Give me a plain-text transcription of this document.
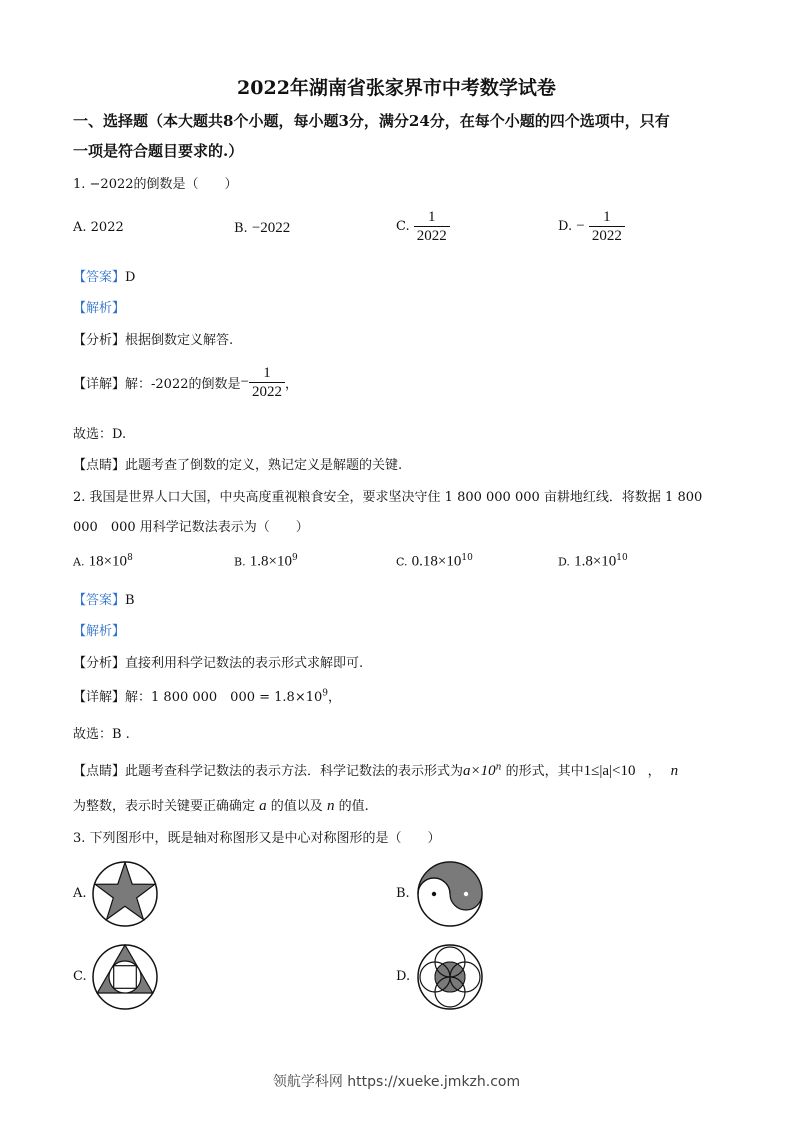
2022年湖南省张家界市中考数学试卷
一、选择题（本大题共8个小题，每小题3分，满分24分，在每个小题的四个选项中，只有
一项是符合题目要求的.）
1. −2022的倒数是（　　）
A. 2022	B. −2022	C. $\frac{1}{2022}$	D. − $\frac{1}{2022}$
【答案】D
【解析】
【分析】根据倒数定义解答.
【详解】解：-2022的倒数是− $\frac{1}{2022}$ ，
故选：D.
【点睛】此题考查了倒数的定义，熟记定义是解题的关键.
2. 我国是世界人口大国，中央高度重视粮食安全，要求坚决守住 1 800 000 000 亩耕地红线．将数据 1 800
000　000 用科学记数法表示为（　　）
A. $18\times 10^8$	B. $1.8\times 10^9$	C. $0.18\times 10^{10}$	D. $1.8\times 10^{10}$
【答案】B
【解析】
【分析】直接利用科学记数法的表示形式求解即可.
【详解】解：1 800 000　$000 = 1.8\times 10^9$，
故选：B .
【点睛】此题考查科学记数法的表示方法．科学记数法的表示形式为$a\times 10^n$ 的形式，其中1≤|a|<10 ， n
为整数，表示时关键要正确确定 a 的值以及 n 的值.
3. 下列图形中，既是轴对称图形又是中心对称图形的是（　　）
A.	B.
C.	D.
领航学科网 https://xueke.jmkzh.com
